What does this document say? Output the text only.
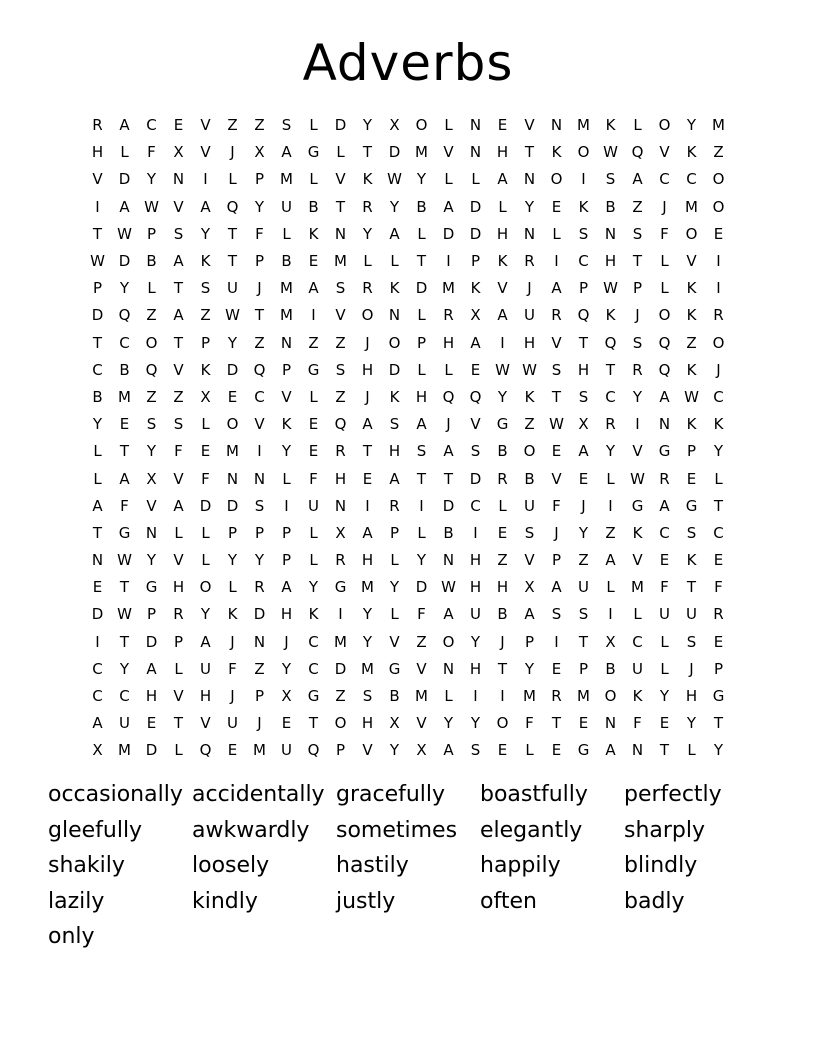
Adverbs
R	A	C	E	V	Z	Z	S	L	D	Y	X	O	L	N	E	V	N M	K	L	O	Y	M
H	L	F	X	V	J	X	A	G	L	T	D M	V	N	H	T	K	O W Q	V	K	Z
V	D	Y	N	I	L	P	M	L	V	K W Y	L	L	A	N	O	I	S	A	C	C	O
I	A W V	A	Q	Y	U	B	T	R	Y	B	A	D	L	Y	E	K	B	Z	J	M O
T	W	P	S	Y	T	F	L	K	N	Y	A	L	D	D	H	N	L	S	N	S	F	O	E
W D	B	A	K	T	P	B	E	M	L	L	T	I	P	K	R	I	C	H	T	L	V	I
P	Y	L	T	S	U	J	M	A	S	R	K	D M	K	V	J	A	P	W	P	L	K	I
D	Q	Z	A	Z W T	M	I	V	O	N	L	R	X	A	U	R	Q	K	J	O	K	R
T	C	O	T	P	Y	Z	N	Z	Z	J	O	P	H	A	I	H	V	T	Q	S	Q	Z	O
C	B	Q	V	K	D	Q	P	G	S	H	D	L	L	E W W S	H	T	R	Q	K	J
B	M	Z	Z	X	E	C	V	L	Z	J	K	H	Q	Q	Y	K	T	S	C	Y	A W C
Y	E	S	S	L	O	V	K	E	Q	A	S	A	J	V	G	Z W X	R	I	N	K	K
L	T	Y	F	E	M	I	Y	E	R	T	H	S	A	S	B	O	E	A	Y	V	G	P	Y
L	A	X	V	F	N	N	L	F	H	E	A	T	T	D	R	B	V	E	L	W R	E	L
A	F	V	A	D	D	S	I	U	N	I	R	I	D	C	L	U	F	J	I	G	A	G	T
T	G	N	L	L	P	P	P	L	X	A	P	L	B	I	E	S	J	Y	Z	K	C	S	C
N W Y	V	L	Y	Y	P	L	R	H	L	Y	N	H	Z	V	P	Z	A	V	E	K	E
E	T	G	H	O	L	R	A	Y	G M	Y	D W H	H	X	A	U	L	M	F	T	F
D W	P	R	Y	K	D	H	K	I	Y	L	F	A	U	B	A	S	S	I	L	U	U	R
I	T	D	P	A	J	N	J	C	M	Y	V	Z	O	Y	J	P	I	T	X	C	L	S	E
C	Y	A	L	U	F	Z	Y	C	D M G	V	N	H	T	Y	E	P	B	U	L	J	P
C	C	H	V	H	J	P	X	G	Z	S	B	M	L	I	I	M	R	M O	K	Y	H	G
A	U	E	T	V	U	J	E	T	O	H	X	V	Y	Y	O	F	T	E	N	F	E	Y	T
X	M D	L	Q	E	M	U	Q	P	V	Y	X	A	S	E	L	E	G	A	N	T	L	Y
occasionally accidentally gracefully	boastfully	perfectly
gleefully	awkwardly	sometimes	elegantly	sharply
shakily	loosely	hastily	happily	blindly
lazily	kindly	justly	often	badly
only
